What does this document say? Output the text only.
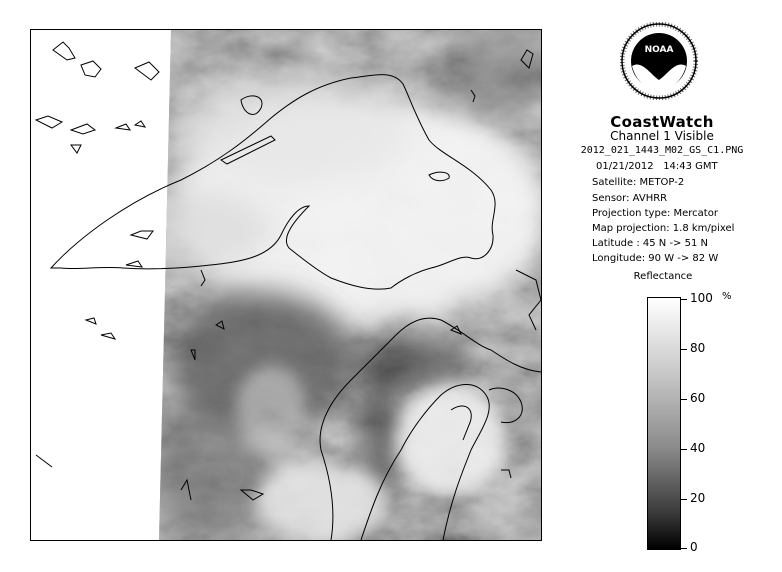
NOAA
CoastWatch
Channel 1 Visible
2012_021_1443_M02_GS_C1.PNG
01/21/2012 14:43 GMT
Satellite: METOP-2
Sensor: AVHRR
Projection type: Mercator
Map projection: 1.8 km/pixel
Latitude : 45 N -> 51 N
Longitude: 90 W -> 82 W
Reflectance
%
100
80
60
40
20
0
